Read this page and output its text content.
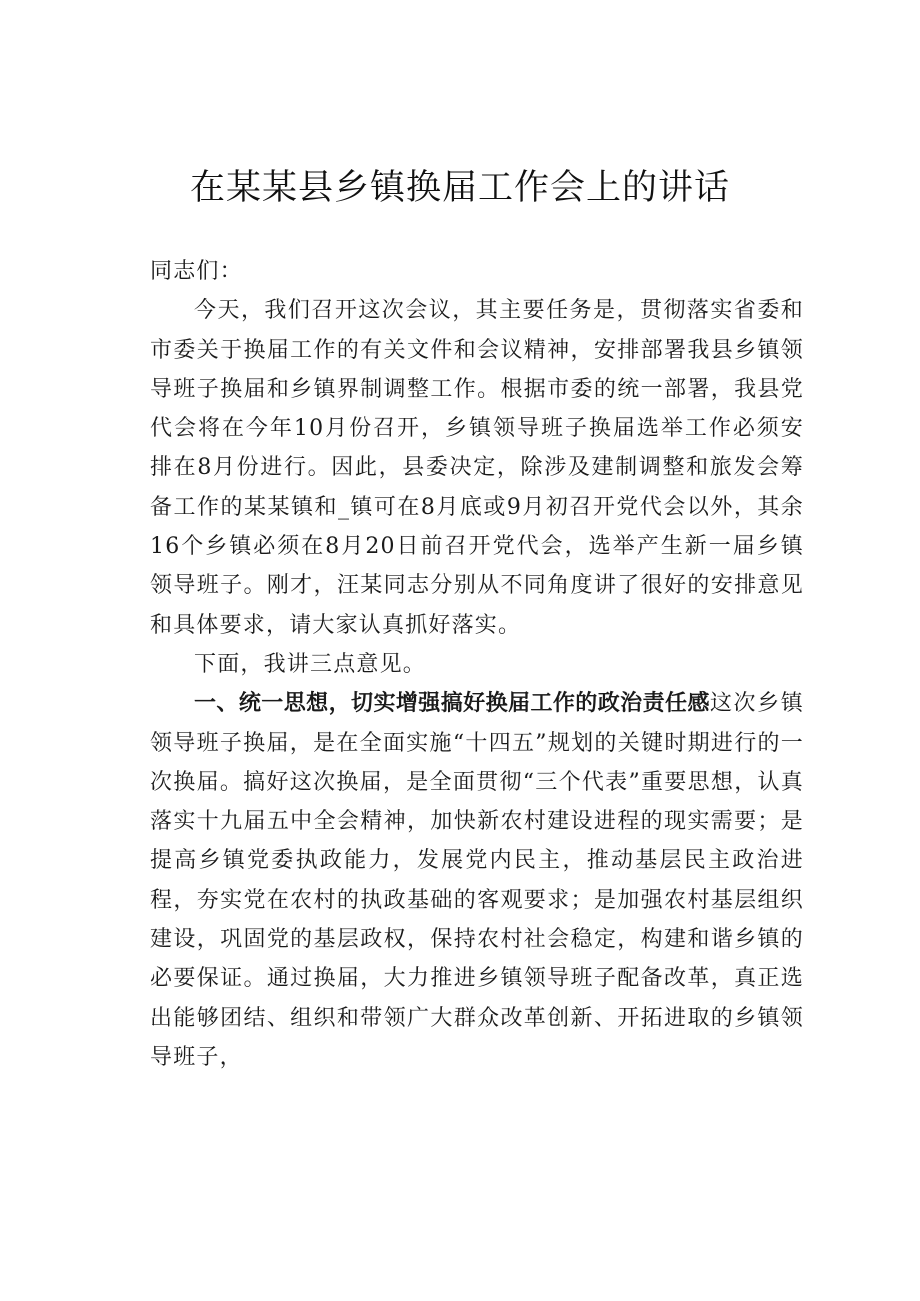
在某某县乡镇换届工作会上的讲话

同志们：

今天，我们召开这次会议，其主要任务是，贯彻落实省委和市委关于换届工作的有关文件和会议精神，安排部署我县乡镇领导班子换届和乡镇界制调整工作。根据市委的统一部署，我县党代会将在今年10月份召开，乡镇领导班子换届选举工作必须安排在8月份进行。因此，县委决定，除涉及建制调整和旅发会筹备工作的某某镇和_镇可在8月底或9月初召开党代会以外，其余16个乡镇必须在8月20日前召开党代会，选举产生新一届乡镇领导班子。刚才，汪某同志分别从不同角度讲了很好的安排意见和具体要求，请大家认真抓好落实。

下面，我讲三点意见。

一、统一思想，切实增强搞好换届工作的政治责任感这次乡镇领导班子换届，是在全面实施“十四五”规划的关键时期进行的一次换届。搞好这次换届，是全面贯彻“三个代表”重要思想，认真落实十九届五中全会精神，加快新农村建设进程的现实需要；是提高乡镇党委执政能力，发展党内民主，推动基层民主政治进程，夯实党在农村的执政基础的客观要求；是加强农村基层组织建设，巩固党的基层政权，保持农村社会稳定，构建和谐乡镇的必要保证。通过换届，大力推进乡镇领导班子配备改革，真正选出能够团结、组织和带领广大群众改革创新、开拓进取的乡镇领导班子，
